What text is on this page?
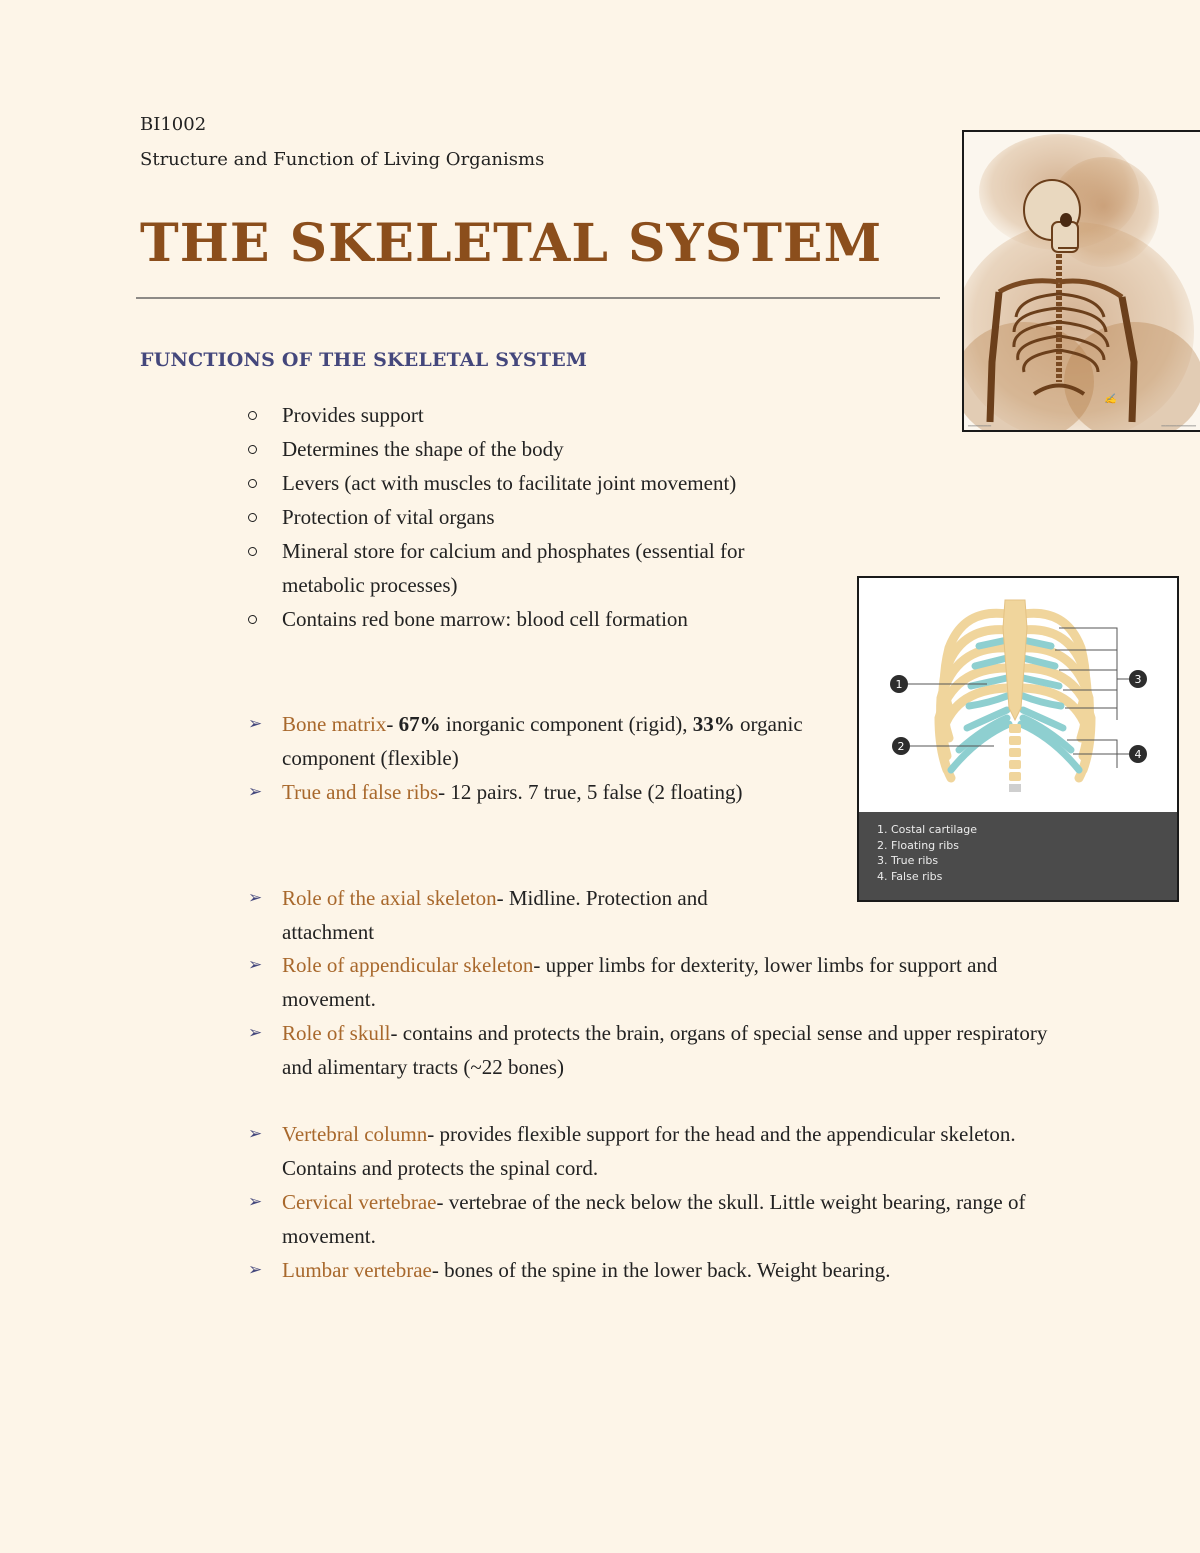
BI1002
Structure and Function of Living Organisms
THE SKELETAL SYSTEM
FUNCTIONS OF THE SKELETAL SYSTEM
Provides support
Determines the shape of the body
Levers (act with muscles to facilitate joint movement)
Protection of vital organs
Mineral store for calcium and phosphates (essential for metabolic processes)
Contains red bone marrow: blood cell formation
➢ Bone matrix- 67% inorganic component (rigid), 33% organic component (flexible)
➢ True and false ribs- 12 pairs. 7 true, 5 false (2 floating)
➢ Role of the axial skeleton- Midline. Protection and attachment
➢ Role of appendicular skeleton- upper limbs for dexterity, lower limbs for support and movement.
➢ Role of skull- contains and protects the brain, organs of special sense and upper respiratory and alimentary tracts (~22 bones)
➢ Vertebral column- provides flexible support for the head and the appendicular skeleton. Contains and protects the spinal cord.
➢ Cervical vertebrae- vertebrae of the neck below the skull. Little weight bearing, range of movement.
➢ Lumbar vertebrae- bones of the spine in the lower back. Weight bearing.
✍
▁▁▁▁▁▁	▁▁▁▁▁▁▁▁▁
1
2
3
4
1. Costal cartilage
2. Floating ribs
3. True ribs
4. False ribs
